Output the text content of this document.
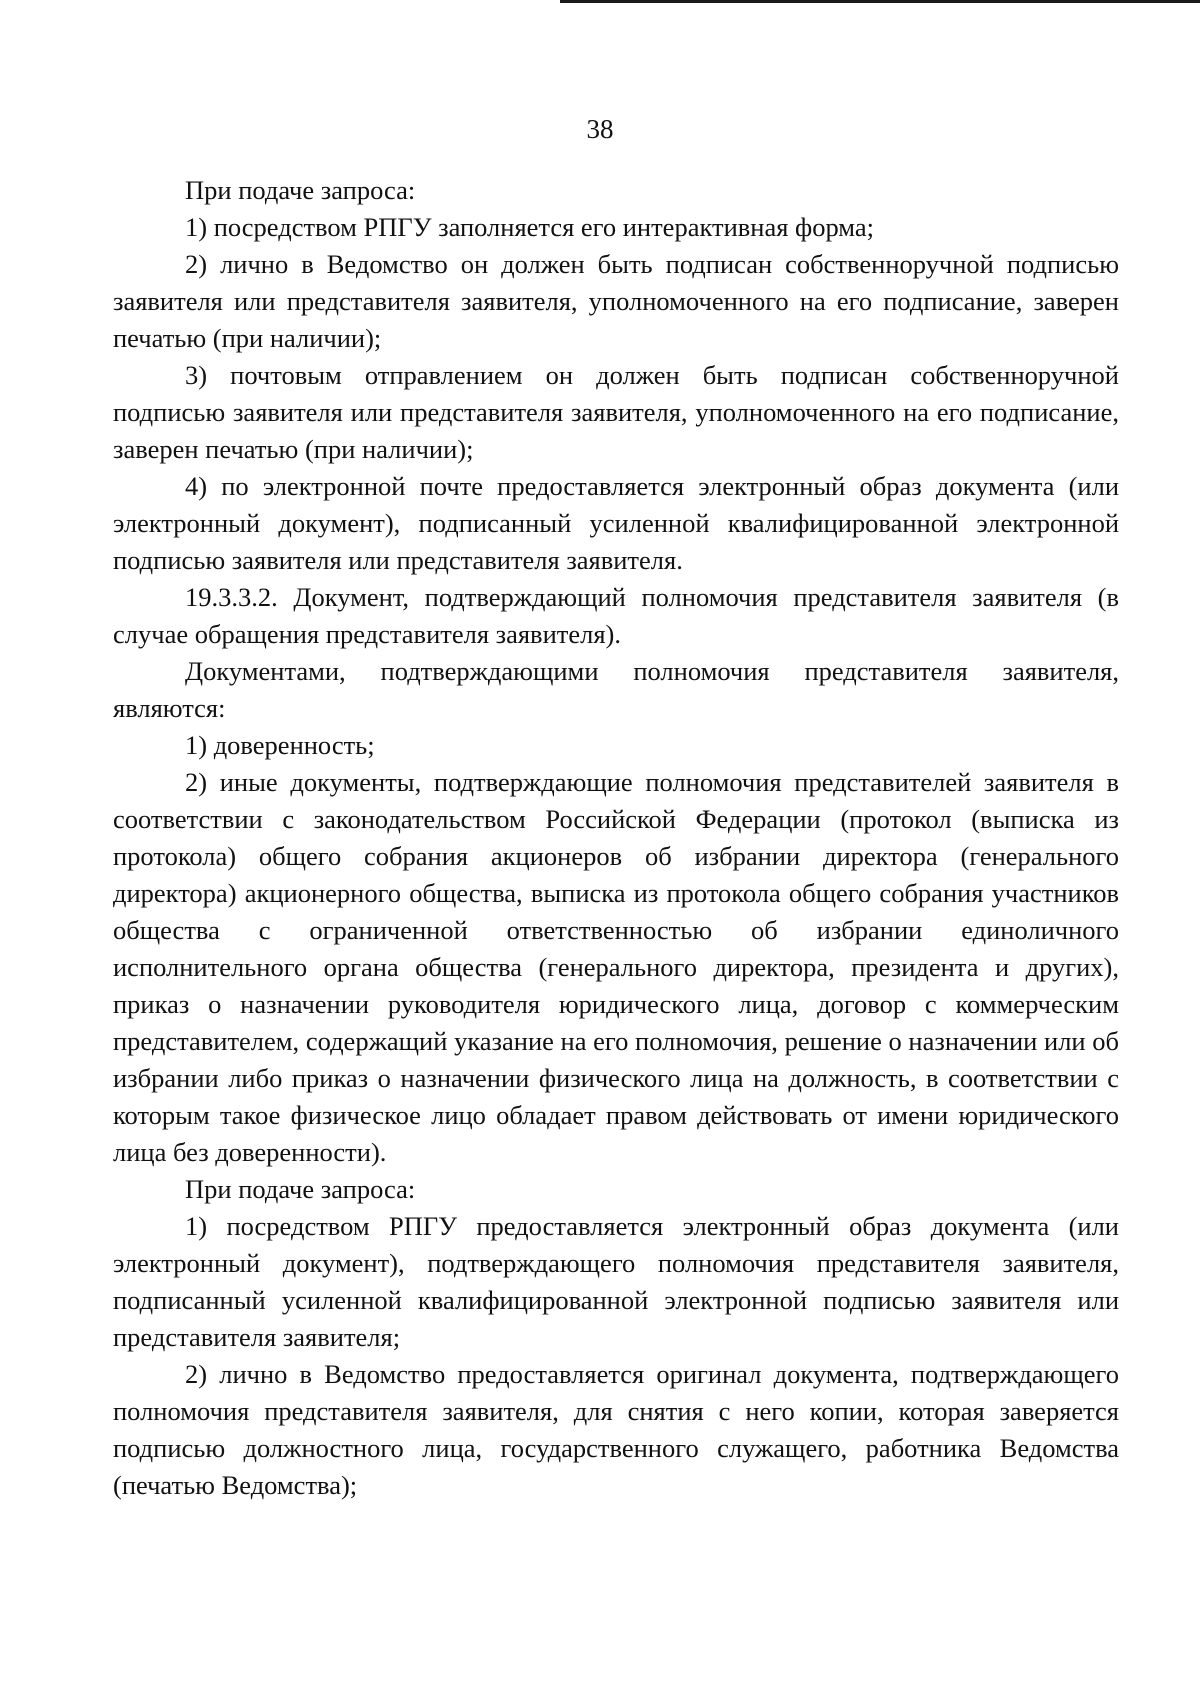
38

При подаче запроса:

1) посредством РПГУ заполняется его интерактивная форма;

2) лично в Ведомство он должен быть подписан собственноручной подписью заявителя или представителя заявителя, уполномоченного на его подписание, заверен печатью (при наличии);

3) почтовым отправлением он должен быть подписан собственноручной подписью заявителя или представителя заявителя, уполномоченного на его подписание, заверен печатью (при наличии);

4) по электронной почте предоставляется электронный образ документа (или электронный документ), подписанный усиленной квалифицированной электронной подписью заявителя или представителя заявителя.

19.3.3.2. Документ, подтверждающий полномочия представителя заявителя (в случае обращения представителя заявителя).

Документами, подтверждающими полномочия представителя заявителя, являются:

1) доверенность;

2) иные документы, подтверждающие полномочия представителей заявителя в соответствии с законодательством Российской Федерации (протокол (выписка из протокола) общего собрания акционеров об избрании директора (генерального директора) акционерного общества, выписка из протокола общего собрания участников общества с ограниченной ответственностью об избрании единоличного исполнительного органа общества (генерального директора, президента и других), приказ о назначении руководителя юридического лица, договор с коммерческим представителем, содержащий указание на его полномочия, решение о назначении или об избрании либо приказ о назначении физического лица на должность, в соответствии с которым такое физическое лицо обладает правом действовать от имени юридического лица без доверенности).

При подаче запроса:

1) посредством РПГУ предоставляется электронный образ документа (или электронный документ), подтверждающего полномочия представителя заявителя, подписанный усиленной квалифицированной электронной подписью заявителя или представителя заявителя;

2) лично в Ведомство предоставляется оригинал документа, подтверждающего полномочия представителя заявителя, для снятия с него копии, которая заверяется подписью должностного лица, государственного служащего, работника Ведомства (печатью Ведомства);
